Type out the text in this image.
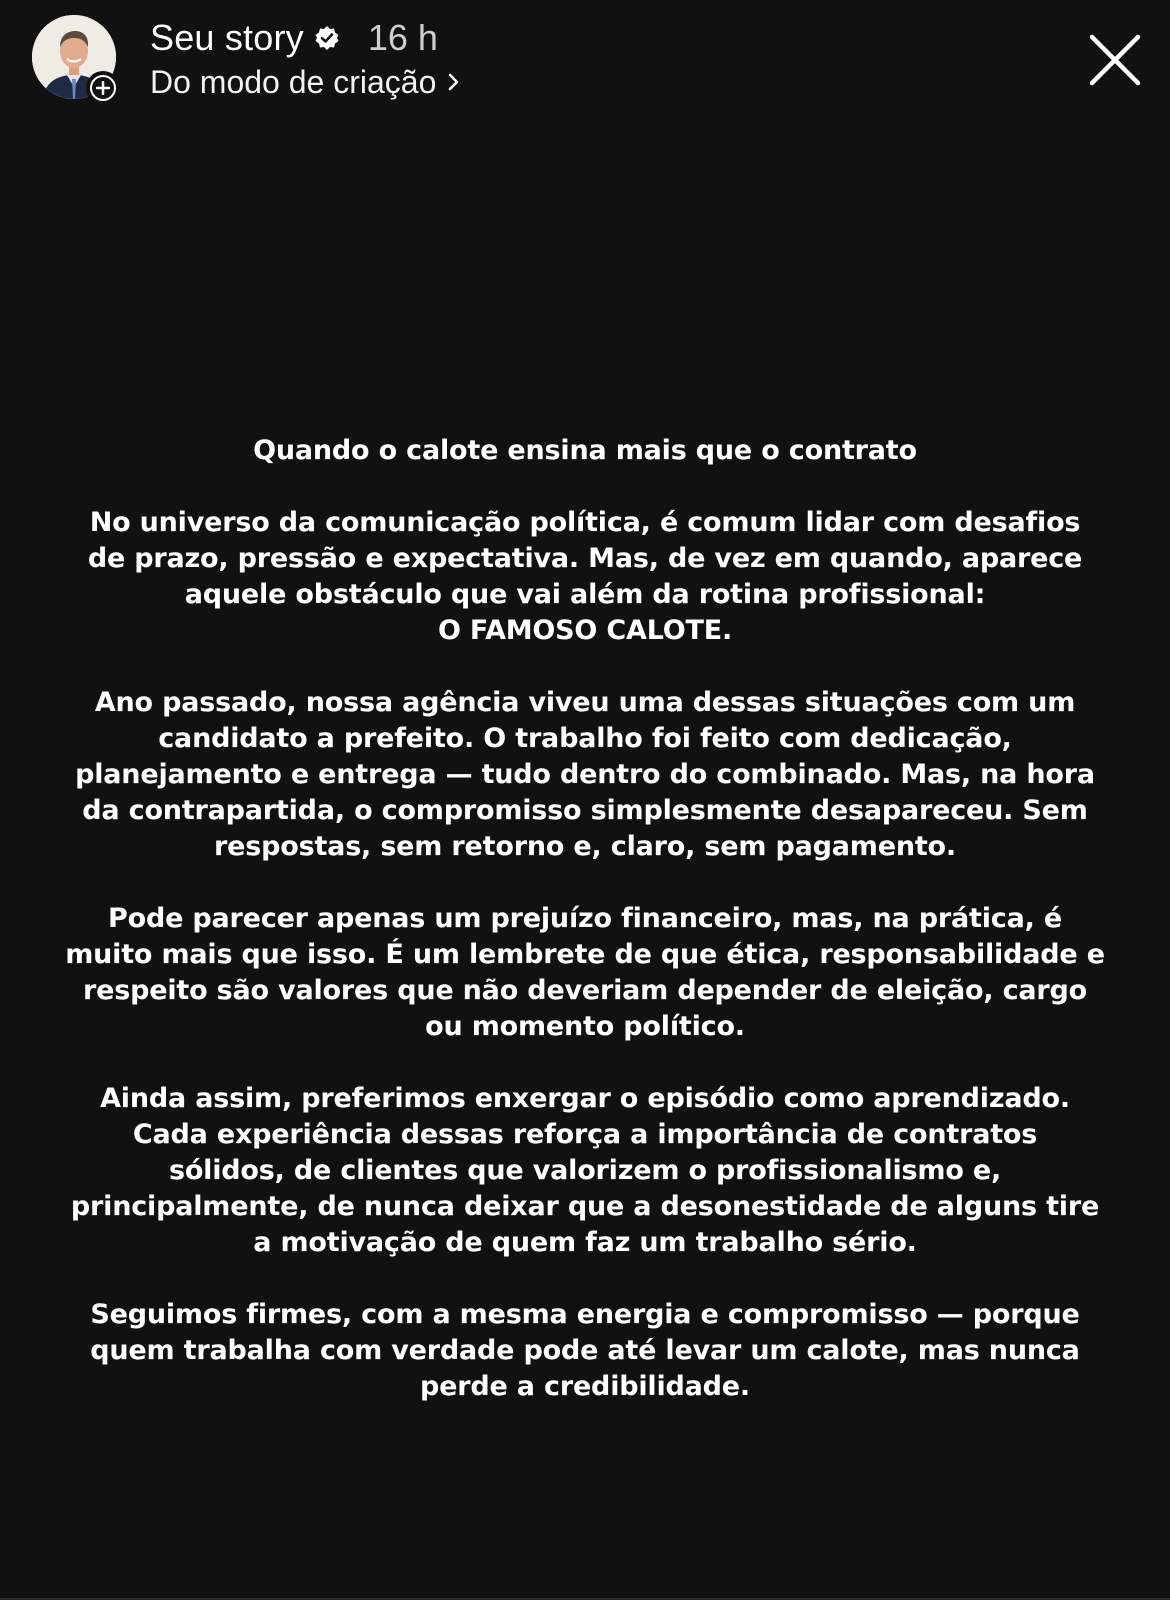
Seu story 16 h
Do modo de criação

Quando o calote ensina mais que o contrato

No universo da comunicação política, é comum lidar com desafios
de prazo, pressão e expectativa. Mas, de vez em quando, aparece
aquele obstáculo que vai além da rotina profissional:
O FAMOSO CALOTE.

Ano passado, nossa agência viveu uma dessas situações com um
candidato a prefeito. O trabalho foi feito com dedicação,
planejamento e entrega — tudo dentro do combinado. Mas, na hora
da contrapartida, o compromisso simplesmente desapareceu. Sem
respostas, sem retorno e, claro, sem pagamento.

Pode parecer apenas um prejuízo financeiro, mas, na prática, é
muito mais que isso. É um lembrete de que ética, responsabilidade e
respeito são valores que não deveriam depender de eleição, cargo
ou momento político.

Ainda assim, preferimos enxergar o episódio como aprendizado.
Cada experiência dessas reforça a importância de contratos
sólidos, de clientes que valorizem o profissionalismo e,
principalmente, de nunca deixar que a desonestidade de alguns tire
a motivação de quem faz um trabalho sério.

Seguimos firmes, com a mesma energia e compromisso — porque
quem trabalha com verdade pode até levar um calote, mas nunca
perde a credibilidade.
